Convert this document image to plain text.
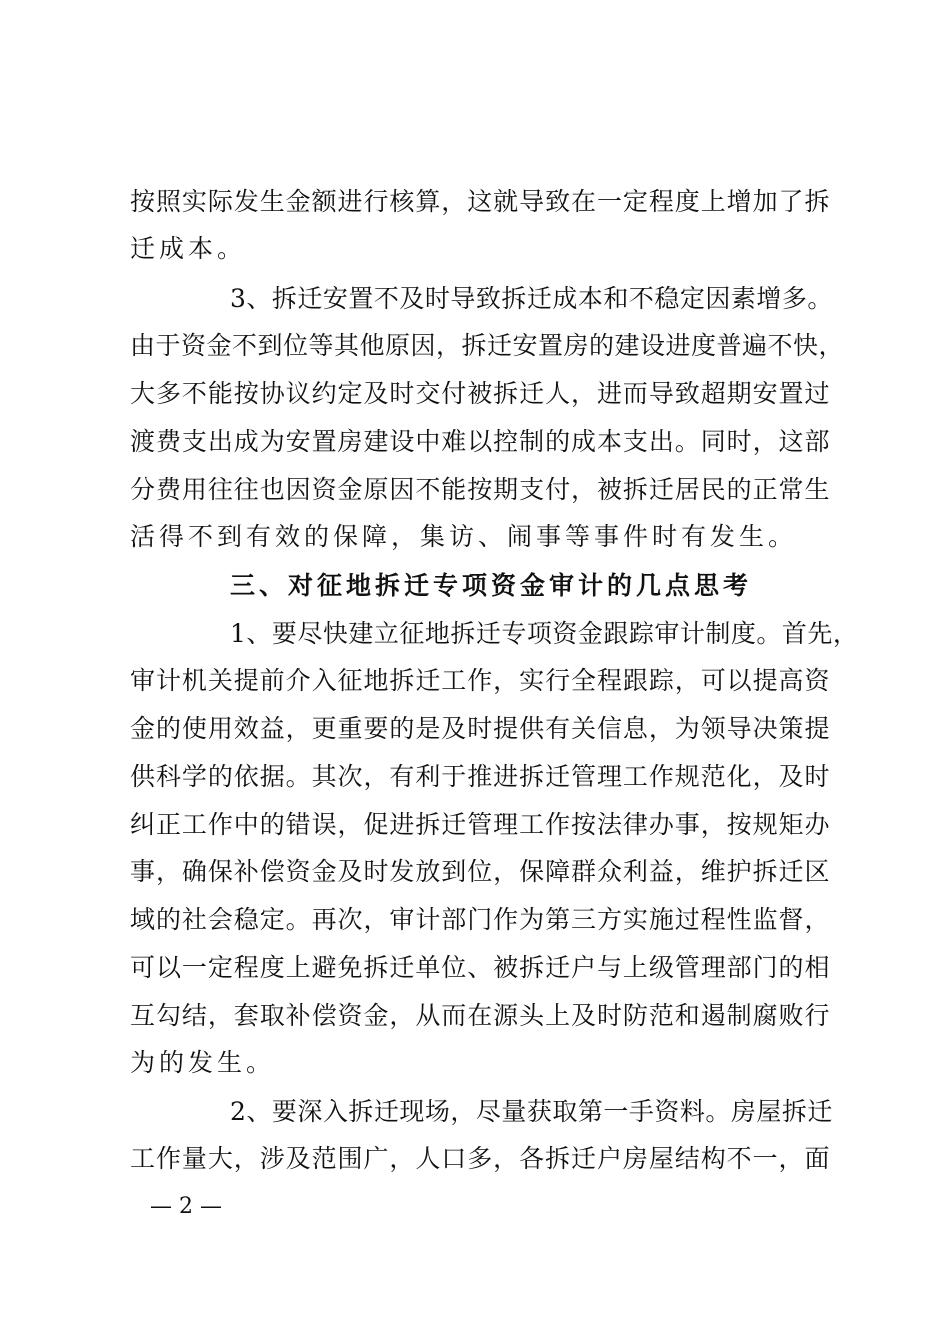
按照实际发生金额进行核算，这就导致在一定程度上增加了拆
迁成本。
3、拆迁安置不及时导致拆迁成本和不稳定因素增多。
由于资金不到位等其他原因，拆迁安置房的建设进度普遍不快，
大多不能按协议约定及时交付被拆迁人，进而导致超期安置过
渡费支出成为安置房建设中难以控制的成本支出。同时，这部
分费用往往也因资金原因不能按期支付，被拆迁居民的正常生
活得不到有效的保障，集访、闹事等事件时有发生。
三、对征地拆迁专项资金审计的几点思考
1、要尽快建立征地拆迁专项资金跟踪审计制度。首先，
审计机关提前介入征地拆迁工作，实行全程跟踪，可以提高资
金的使用效益，更重要的是及时提供有关信息，为领导决策提
供科学的依据。其次，有利于推进拆迁管理工作规范化，及时
纠正工作中的错误，促进拆迁管理工作按法律办事，按规矩办
事，确保补偿资金及时发放到位，保障群众利益，维护拆迁区
域的社会稳定。再次，审计部门作为第三方实施过程性监督，
可以一定程度上避免拆迁单位、被拆迁户与上级管理部门的相
互勾结，套取补偿资金，从而在源头上及时防范和遏制腐败行
为的发生。
2、要深入拆迁现场，尽量获取第一手资料。房屋拆迁
工作量大，涉及范围广，人口多，各拆迁户房屋结构不一，面
— 2 —
